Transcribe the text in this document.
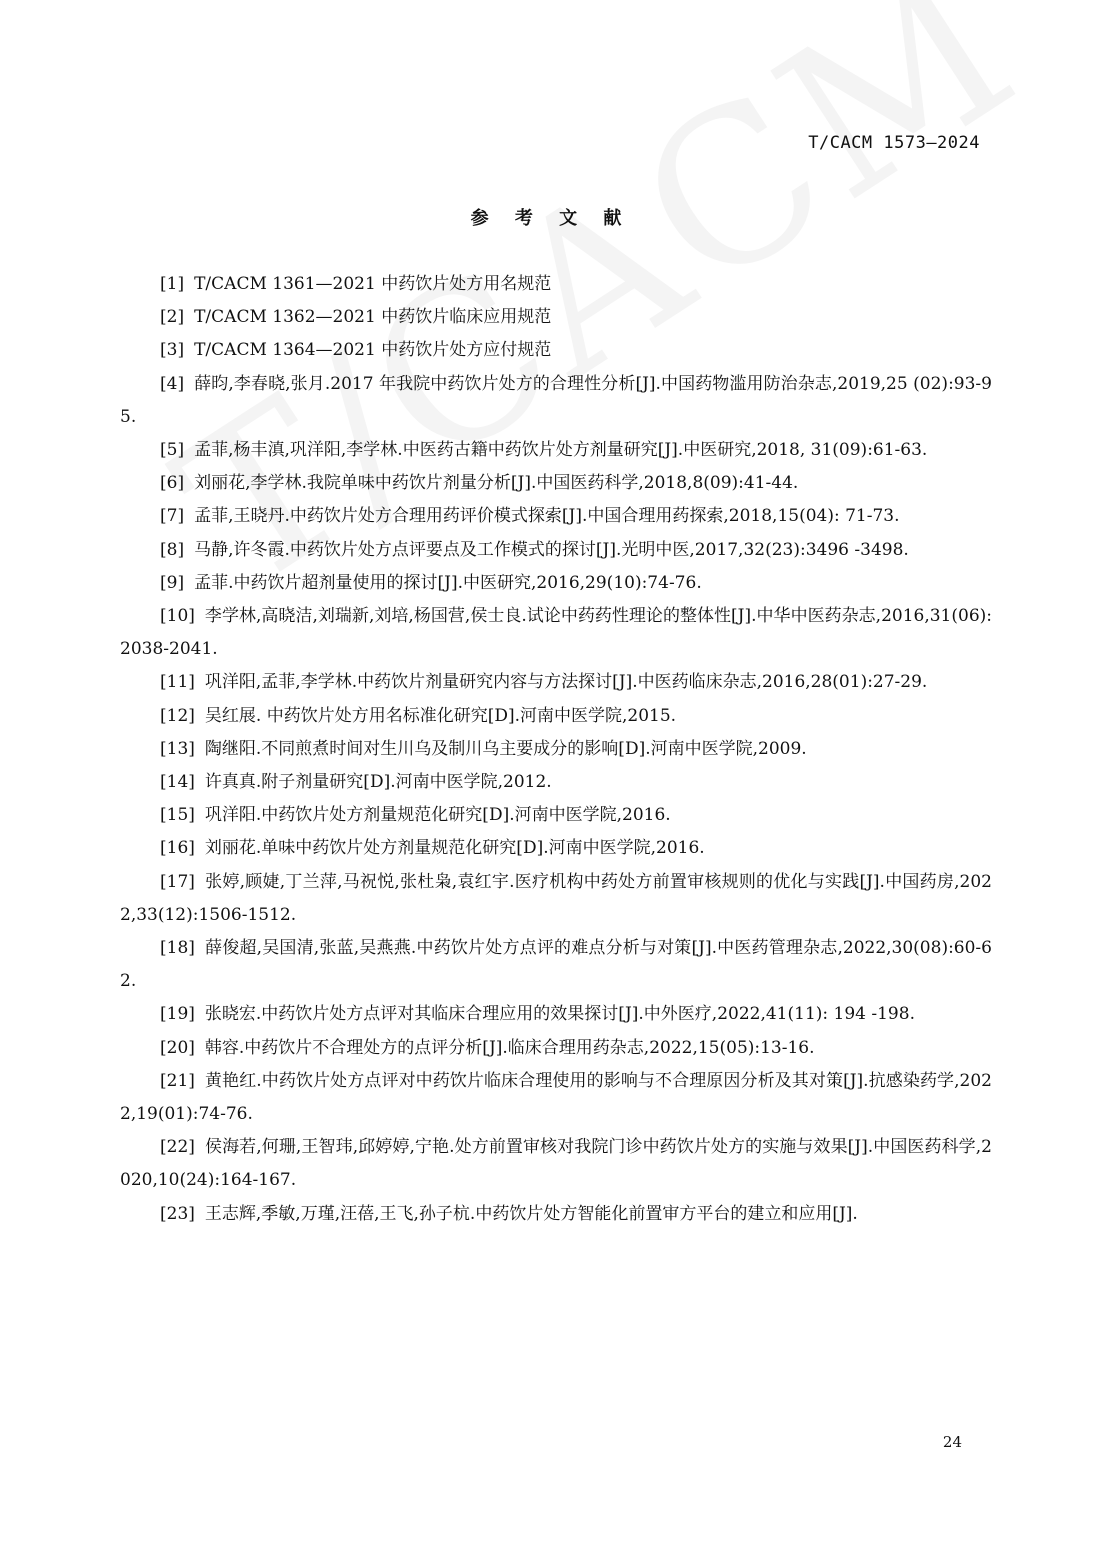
T/CACM 1573—2024
参 考 文 献

[1] T/CACM 1361—2021 中药饮片处方用名规范

[2] T/CACM 1362—2021 中药饮片临床应用规范

[3] T/CACM 1364—2021 中药饮片处方应付规范

[4] 薛昀,李春晓,张月.2017 年我院中药饮片处方的合理性分析[J].中国药物滥用防治杂志,2019,25 (02):93-95.

[5] 孟菲,杨丰滇,巩洋阳,李学林.中医药古籍中药饮片处方剂量研究[J].中医研究,2018, 31(09):61-63.

[6] 刘丽花,李学林.我院单味中药饮片剂量分析[J].中国医药科学,2018,8(09):41-44.

[7] 孟菲,王晓丹.中药饮片处方合理用药评价模式探索[J].中国合理用药探索,2018,15(04): 71-73.

[8] 马静,许冬霞.中药饮片处方点评要点及工作模式的探讨[J].光明中医,2017,32(23):3496 -3498.

[9] 孟菲.中药饮片超剂量使用的探讨[J].中医研究,2016,29(10):74-76.

[10] 李学林,高晓洁,刘瑞新,刘培,杨国营,侯士良.试论中药药性理论的整体性[J].中华中医药杂志,2016,31(06):2038-2041.

[11] 巩洋阳,孟菲,李学林.中药饮片剂量研究内容与方法探讨[J].中医药临床杂志,2016,28(01):27-29.

[12] 吴红展. 中药饮片处方用名标准化研究[D].河南中医学院,2015.

[13] 陶继阳.不同煎煮时间对生川乌及制川乌主要成分的影响[D].河南中医学院,2009.

[14] 许真真.附子剂量研究[D].河南中医学院,2012.

[15] 巩洋阳.中药饮片处方剂量规范化研究[D].河南中医学院,2016.

[16] 刘丽花.单味中药饮片处方剂量规范化研究[D].河南中医学院,2016.

[17] 张婷,顾婕,丁兰萍,马祝悦,张杜枭,袁红宇.医疗机构中药处方前置审核规则的优化与实践[J].中国药房,2022,33(12):1506-1512.

[18] 薛俊超,吴国清,张蓝,吴燕燕.中药饮片处方点评的难点分析与对策[J].中医药管理杂志,2022,30(08):60-62.

[19] 张晓宏.中药饮片处方点评对其临床合理应用的效果探讨[J].中外医疗,2022,41(11): 194 -198.

[20] 韩容.中药饮片不合理处方的点评分析[J].临床合理用药杂志,2022,15(05):13-16.

[21] 黄艳红.中药饮片处方点评对中药饮片临床合理使用的影响与不合理原因分析及其对策[J].抗感染药学,2022,19(01):74-76.

[22] 侯海若,何珊,王智玮,邱婷婷,宁艳.处方前置审核对我院门诊中药饮片处方的实施与效果[J].中国医药科学,2020,10(24):164-167.

[23] 王志辉,季敏,万瑾,汪蓓,王飞,孙子杭.中药饮片处方智能化前置审方平台的建立和应用[J].

24
